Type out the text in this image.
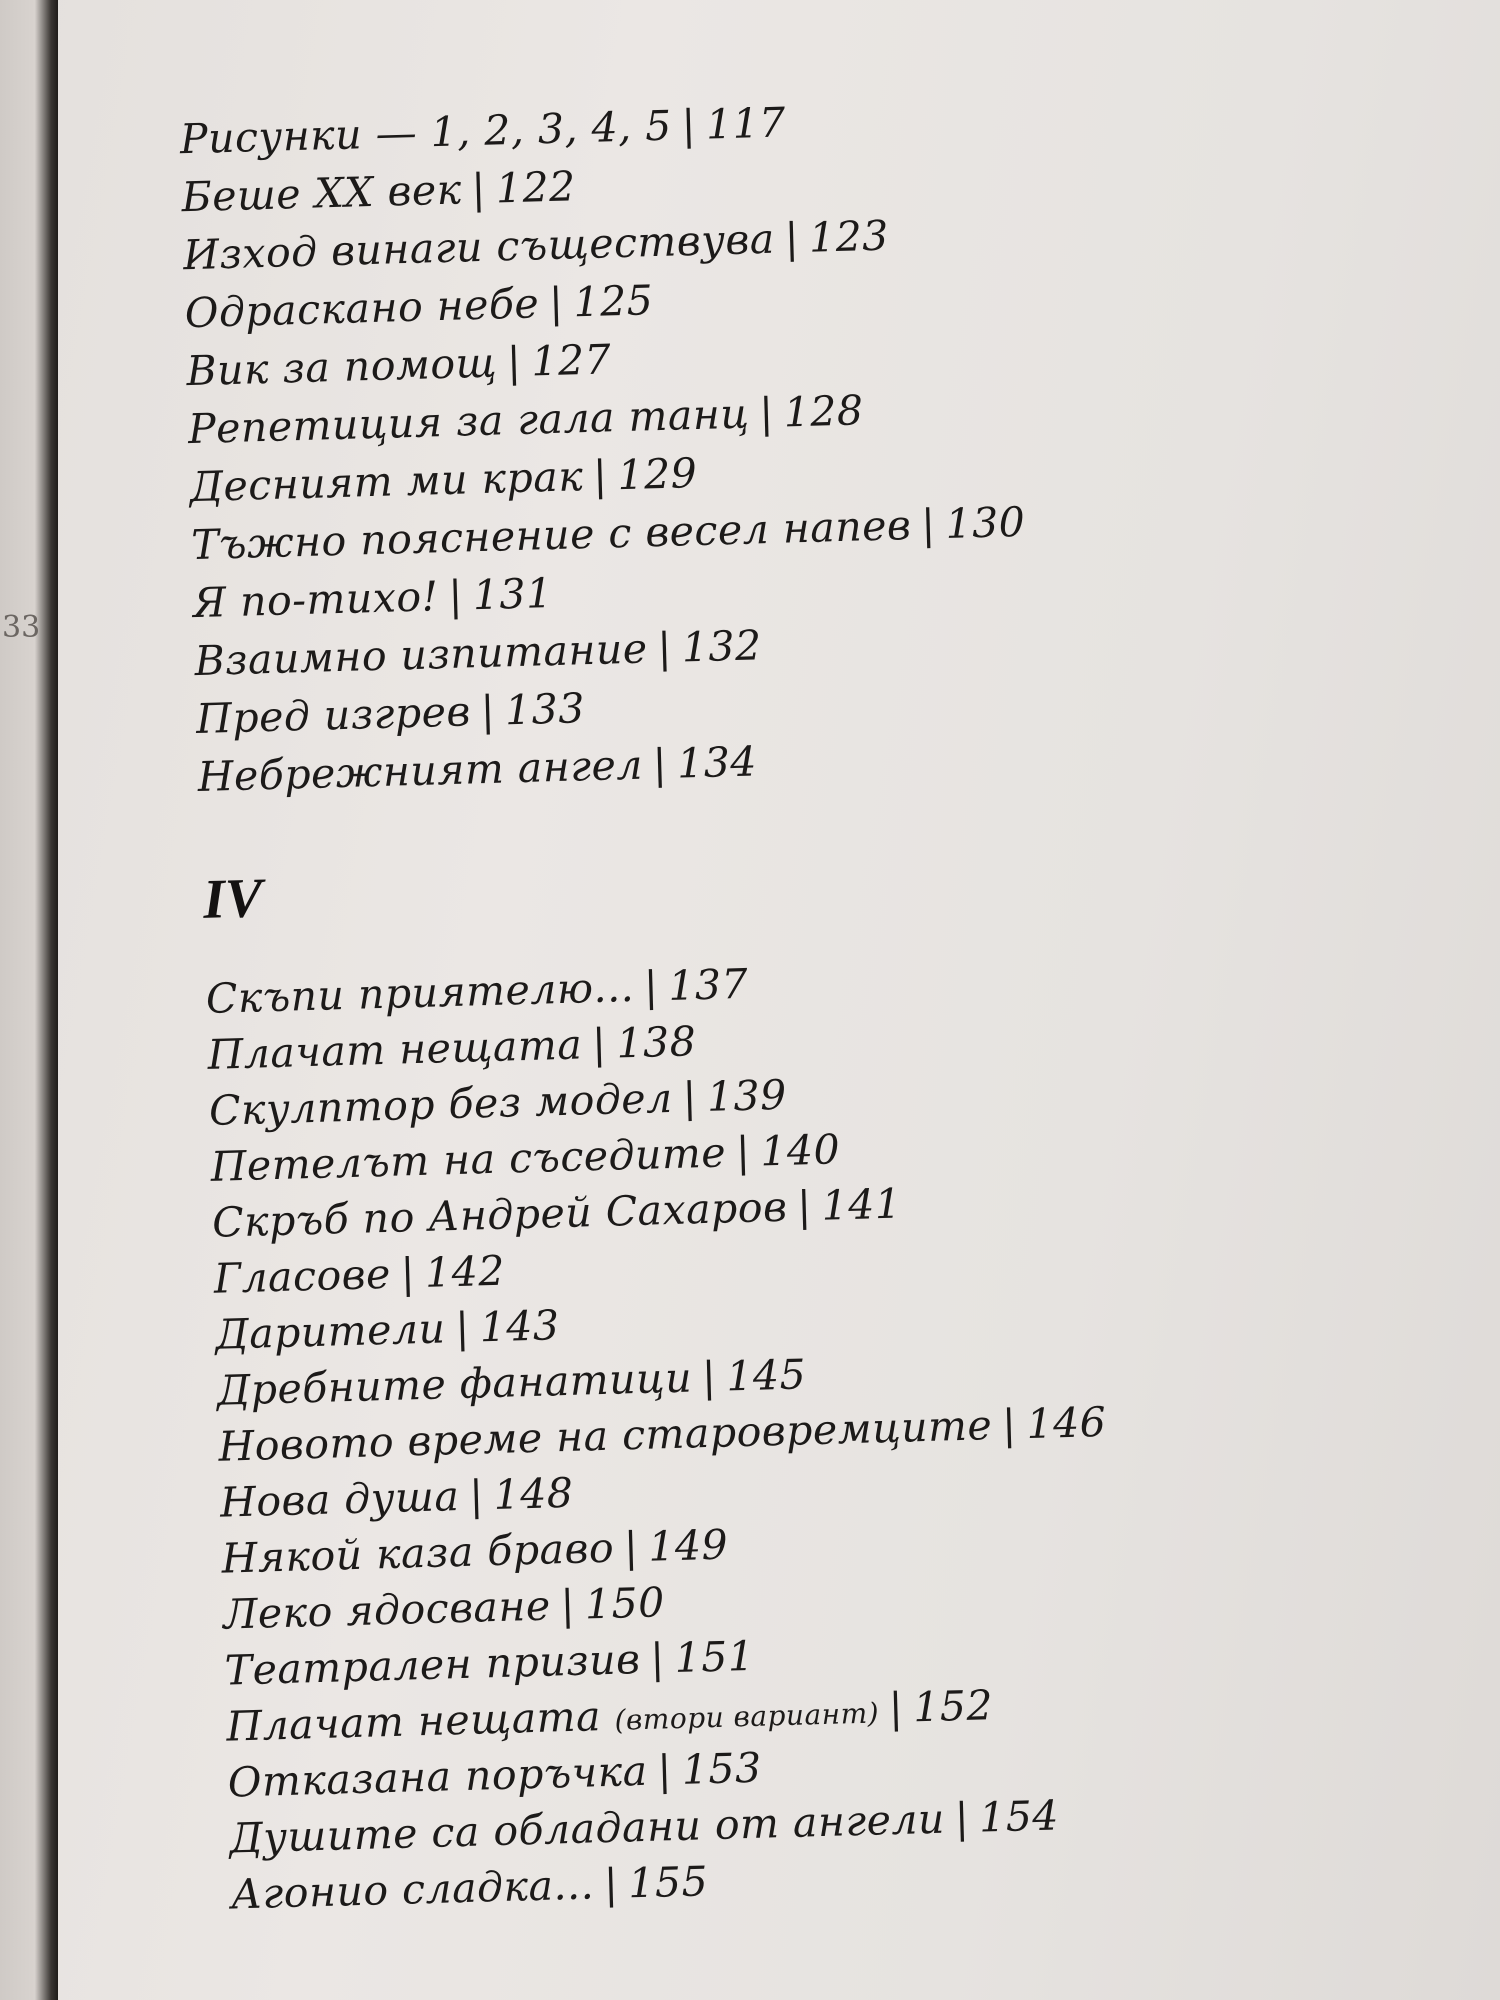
33
Рисунки — 1, 2, 3, 4, 5 | 117
Беше XX век | 122
Изход винаги съществува | 123
Одраскано небе | 125
Вик за помощ | 127
Репетиция за гала танц | 128
Десният ми крак | 129
Тъжно пояснение с весел напев | 130
Я по-тихо! | 131
Взаимно изпитание | 132
Пред изгрев | 133
Небрежният ангел | 134
IV
Скъпи приятелю... | 137
Плачат нещата | 138
Скулптор без модел | 139
Петелът на съседите | 140
Скръб по Андрей Сахаров | 141
Гласове | 142
Дарители | 143
Дребните фанатици | 145
Новото време на старовремците | 146
Нова душа | 148
Някой каза браво | 149
Леко ядосване | 150
Театрален призив | 151
Плачат нещата (втори вариант) | 152
Отказана поръчка | 153
Душите са обладани от ангели | 154
Агонио сладка... | 155
